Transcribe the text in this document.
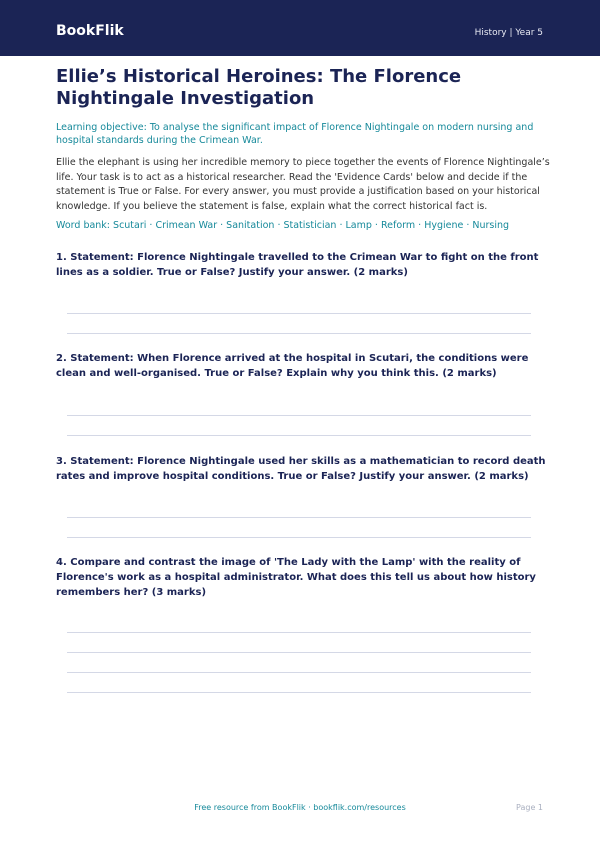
BookFlik	History | Year 5
Ellie’s Historical Heroines: The Florence Nightingale Investigation

Learning objective: To analyse the significant impact of Florence Nightingale on modern nursing and hospital standards during the Crimean War.

Ellie the elephant is using her incredible memory to piece together the events of Florence Nightingale’s life. Your task is to act as a historical researcher. Read the 'Evidence Cards' below and decide if the statement is True or False. For every answer, you must provide a justification based on your historical knowledge. If you believe the statement is false, explain what the correct historical fact is.

Word bank: Scutari · Crimean War · Sanitation · Statistician · Lamp · Reform · Hygiene · Nursing

1. Statement: Florence Nightingale travelled to the Crimean War to fight on the front lines as a soldier. True or False? Justify your answer. (2 marks)

2. Statement: When Florence arrived at the hospital in Scutari, the conditions were clean and well-organised. True or False? Explain why you think this. (2 marks)

3. Statement: Florence Nightingale used her skills as a mathematician to record death rates and improve hospital conditions. True or False? Justify your answer. (2 marks)

4. Compare and contrast the image of 'The Lady with the Lamp' with the reality of Florence's work as a hospital administrator. What does this tell us about how history remembers her? (3 marks)

Free resource from BookFlik · bookflik.com/resources	Page 1
